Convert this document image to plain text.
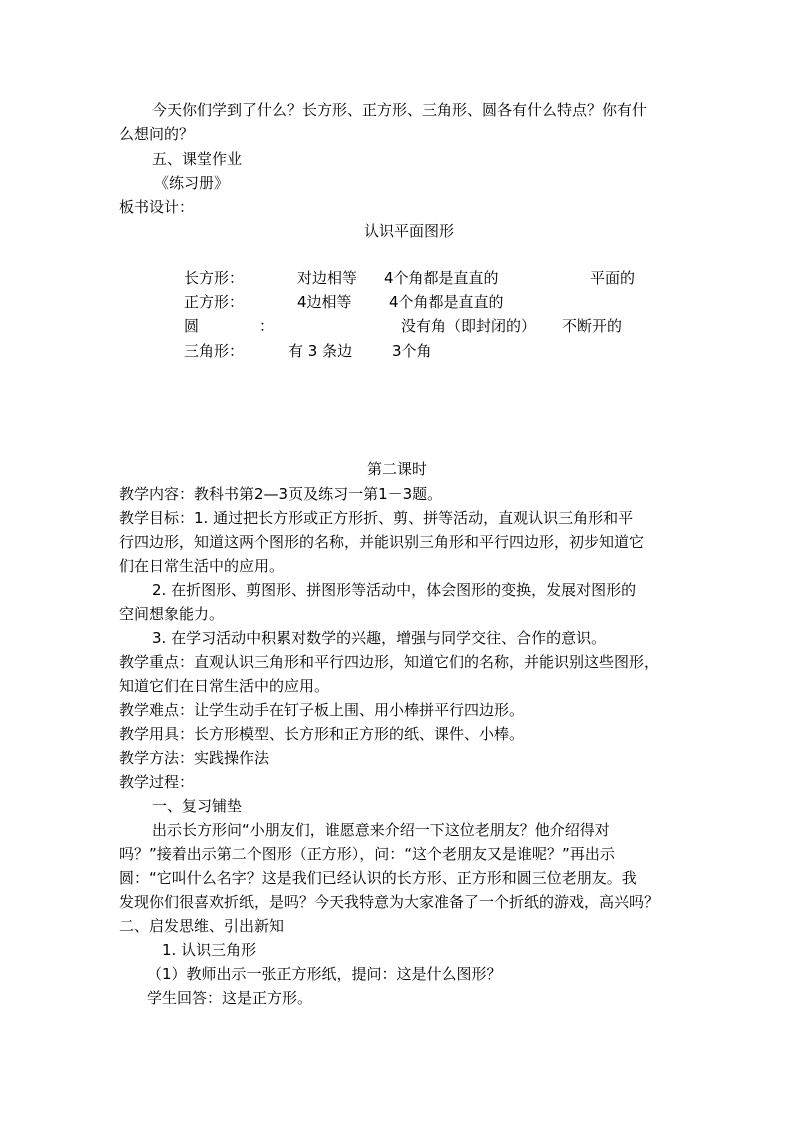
今天你们学到了什么？长方形、正方形、三角形、圆各有什么特点？你有什
么想问的？
五、课堂作业
《练习册》
板书设计：
认识平面图形
长方形：	对边相等 4个角都是直直的	平面的
正方形：	4边相等 4个角都是直直的
圆	：	没有角（即封闭的） 不断开的
三角形：	有 3 条边	3个角
第二课时
教学内容：教科书第2—3页及练习一第1－3题。
教学目标：1. 通过把长方形或正方形折、剪、拼等活动，直观认识三角形和平
行四边形，知道这两个图形的名称，并能识别三角形和平行四边形，初步知道它
们在日常生活中的应用。
2. 在折图形、剪图形、拼图形等活动中，体会图形的变换，发展对图形的
空间想象能力。
3. 在学习活动中积累对数学的兴趣，增强与同学交往、合作的意识。
教学重点：直观认识三角形和平行四边形，知道它们的名称，并能识别这些图形，
知道它们在日常生活中的应用。
教学难点：让学生动手在钉子板上围、用小棒拼平行四边形。
教学用具：长方形模型、长方形和正方形的纸、课件、小棒。
教学方法：实践操作法
教学过程：
一、复习铺垫
出示长方形问“小朋友们，谁愿意来介绍一下这位老朋友？他介绍得对
吗？”接着出示第二个图形（正方形），问：“这个老朋友又是谁呢？”再出示
圆：“它叫什么名字？这是我们已经认识的长方形、正方形和圆三位老朋友。我
发现你们很喜欢折纸，是吗？今天我特意为大家准备了一个折纸的游戏，高兴吗？
二、启发思维、引出新知
1. 认识三角形
（1）教师出示一张正方形纸，提问：这是什么图形？
学生回答：这是正方形。
